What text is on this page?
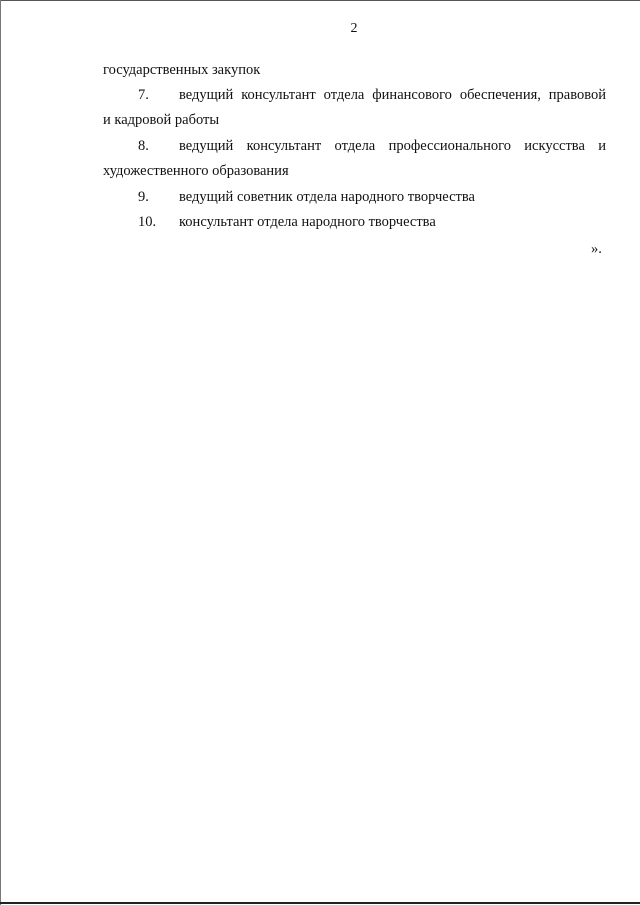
2
государственных закупок
7. ведущий консультант отдела финансового обеспечения, правовой
и кадровой работы
8. ведущий консультант отдела профессионального искусства и
художественного образования
9. ведущий советник отдела народного творчества
10. консультант отдела народного творчества
».
